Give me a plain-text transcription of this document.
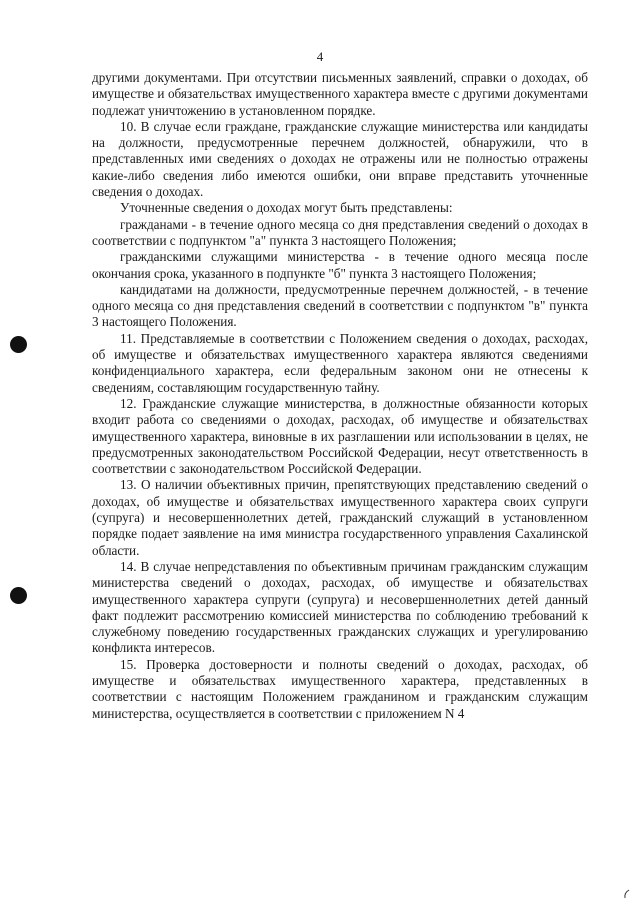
4

другими документами. При отсутствии письменных заявлений, справки о доходах, об имуществе и обязательствах имущественного характера вместе с другими документами подлежат уничтожению в установленном порядке.

10. В случае если граждане, гражданские служащие министерства или кандидаты на должности, предусмотренные перечнем должностей, обнаружили, что в представленных ими сведениях о доходах не отражены или не полностью отражены какие-либо сведения либо имеются ошибки, они вправе представить уточненные сведения о доходах.

Уточненные сведения о доходах могут быть представлены:

гражданами - в течение одного месяца со дня представления сведений о доходах в соответствии с подпунктом "а" пункта 3 настоящего Положения;

гражданскими служащими министерства - в течение одного месяца после окончания срока, указанного в подпункте "б" пункта 3 настоящего Положения;

кандидатами на должности, предусмотренные перечнем должностей, - в течение одного месяца со дня представления сведений в соответствии с подпунктом "в" пункта 3 настоящего Положения.

11. Представляемые в соответствии с Положением сведения о доходах, расходах, об имуществе и обязательствах имущественного характера являются сведениями конфиденциального характера, если федеральным законом они не отнесены к сведениям, составляющим государственную тайну.

12. Гражданские служащие министерства, в должностные обязанности которых входит работа со сведениями о доходах, расходах, об имуществе и обязательствах имущественного характера, виновные в их разглашении или использовании в целях, не предусмотренных законодательством Российской Федерации, несут ответственность в соответствии с законодательством Российской Федерации.

13. О наличии объективных причин, препятствующих представлению сведений о доходах, об имуществе и обязательствах имущественного характера своих супруги (супруга) и несовершеннолетних детей, гражданский служащий в установленном порядке подает заявление на имя министра государственного управления Сахалинской области.

14. В случае непредставления по объективным причинам гражданским служащим министерства сведений о доходах, расходах, об имуществе и обязательствах имущественного характера супруги (супруга) и несовершеннолетних детей данный факт подлежит рассмотрению комиссией министерства по соблюдению требований к служебному поведению государственных гражданских служащих и урегулированию конфликта интересов.

15. Проверка достоверности и полноты сведений о доходах, расходах, об имуществе и обязательствах имущественного характера, представленных в соответствии с настоящим Положением гражданином и гражданским служащим министерства, осуществляется в соответствии с приложением N 4
